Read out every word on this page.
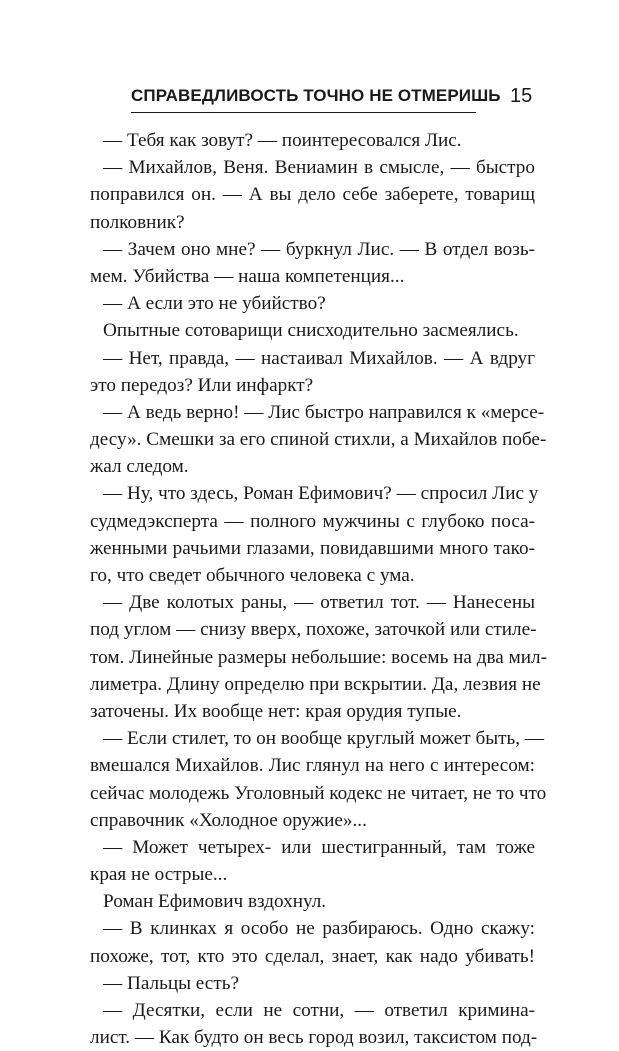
СПРАВЕДЛИВОСТЬ ТОЧНО НЕ ОТМЕРИШЬ 15
— Тебя как зовут? — поинтересовался Лис.
— Михайлов, Веня. Вениамин в смысле, — быстро
поправился он. — А вы дело себе заберете, товарищ
полковник?
— Зачем оно мне? — буркнул Лис. — В отдел возь-
мем. Убийства — наша компетенция...
— А если это не убийство?
Опытные сотоварищи снисходительно засмеялись.
— Нет, правда, — настаивал Михайлов. — А вдруг
это передоз? Или инфаркт?
— А ведь верно! — Лис быстро направился к «мерсе-
десу». Смешки за его спиной стихли, а Михайлов побе-
жал следом.
— Ну, что здесь, Роман Ефимович? — спросил Лис у
судмедэксперта — полного мужчины с глубоко поса-
женными рачьими глазами, повидавшими много тако-
го, что сведет обычного человека с ума.
— Две колотых раны, — ответил тот. — Нанесены
под углом — снизу вверх, похоже, заточкой или стиле-
том. Линейные размеры небольшие: восемь на два мил-
лиметра. Длину определю при вскрытии. Да, лезвия не
заточены. Их вообще нет: края орудия тупые.
— Если стилет, то он вообще круглый может быть, —
вмешался Михайлов. Лис глянул на него с интересом:
сейчас молодежь Уголовный кодекс не читает, не то что
справочник «Холодное оружие»...
— Может четырех- или шестигранный, там тоже
края не острые...
Роман Ефимович вздохнул.
— В клинках я особо не разбираюсь. Одно скажу:
похоже, тот, кто это сделал, знает, как надо убивать!
— Пальцы есть?
— Десятки, если не сотни, — ответил кримина-
лист. — Как будто он весь город возил, таксистом под-
